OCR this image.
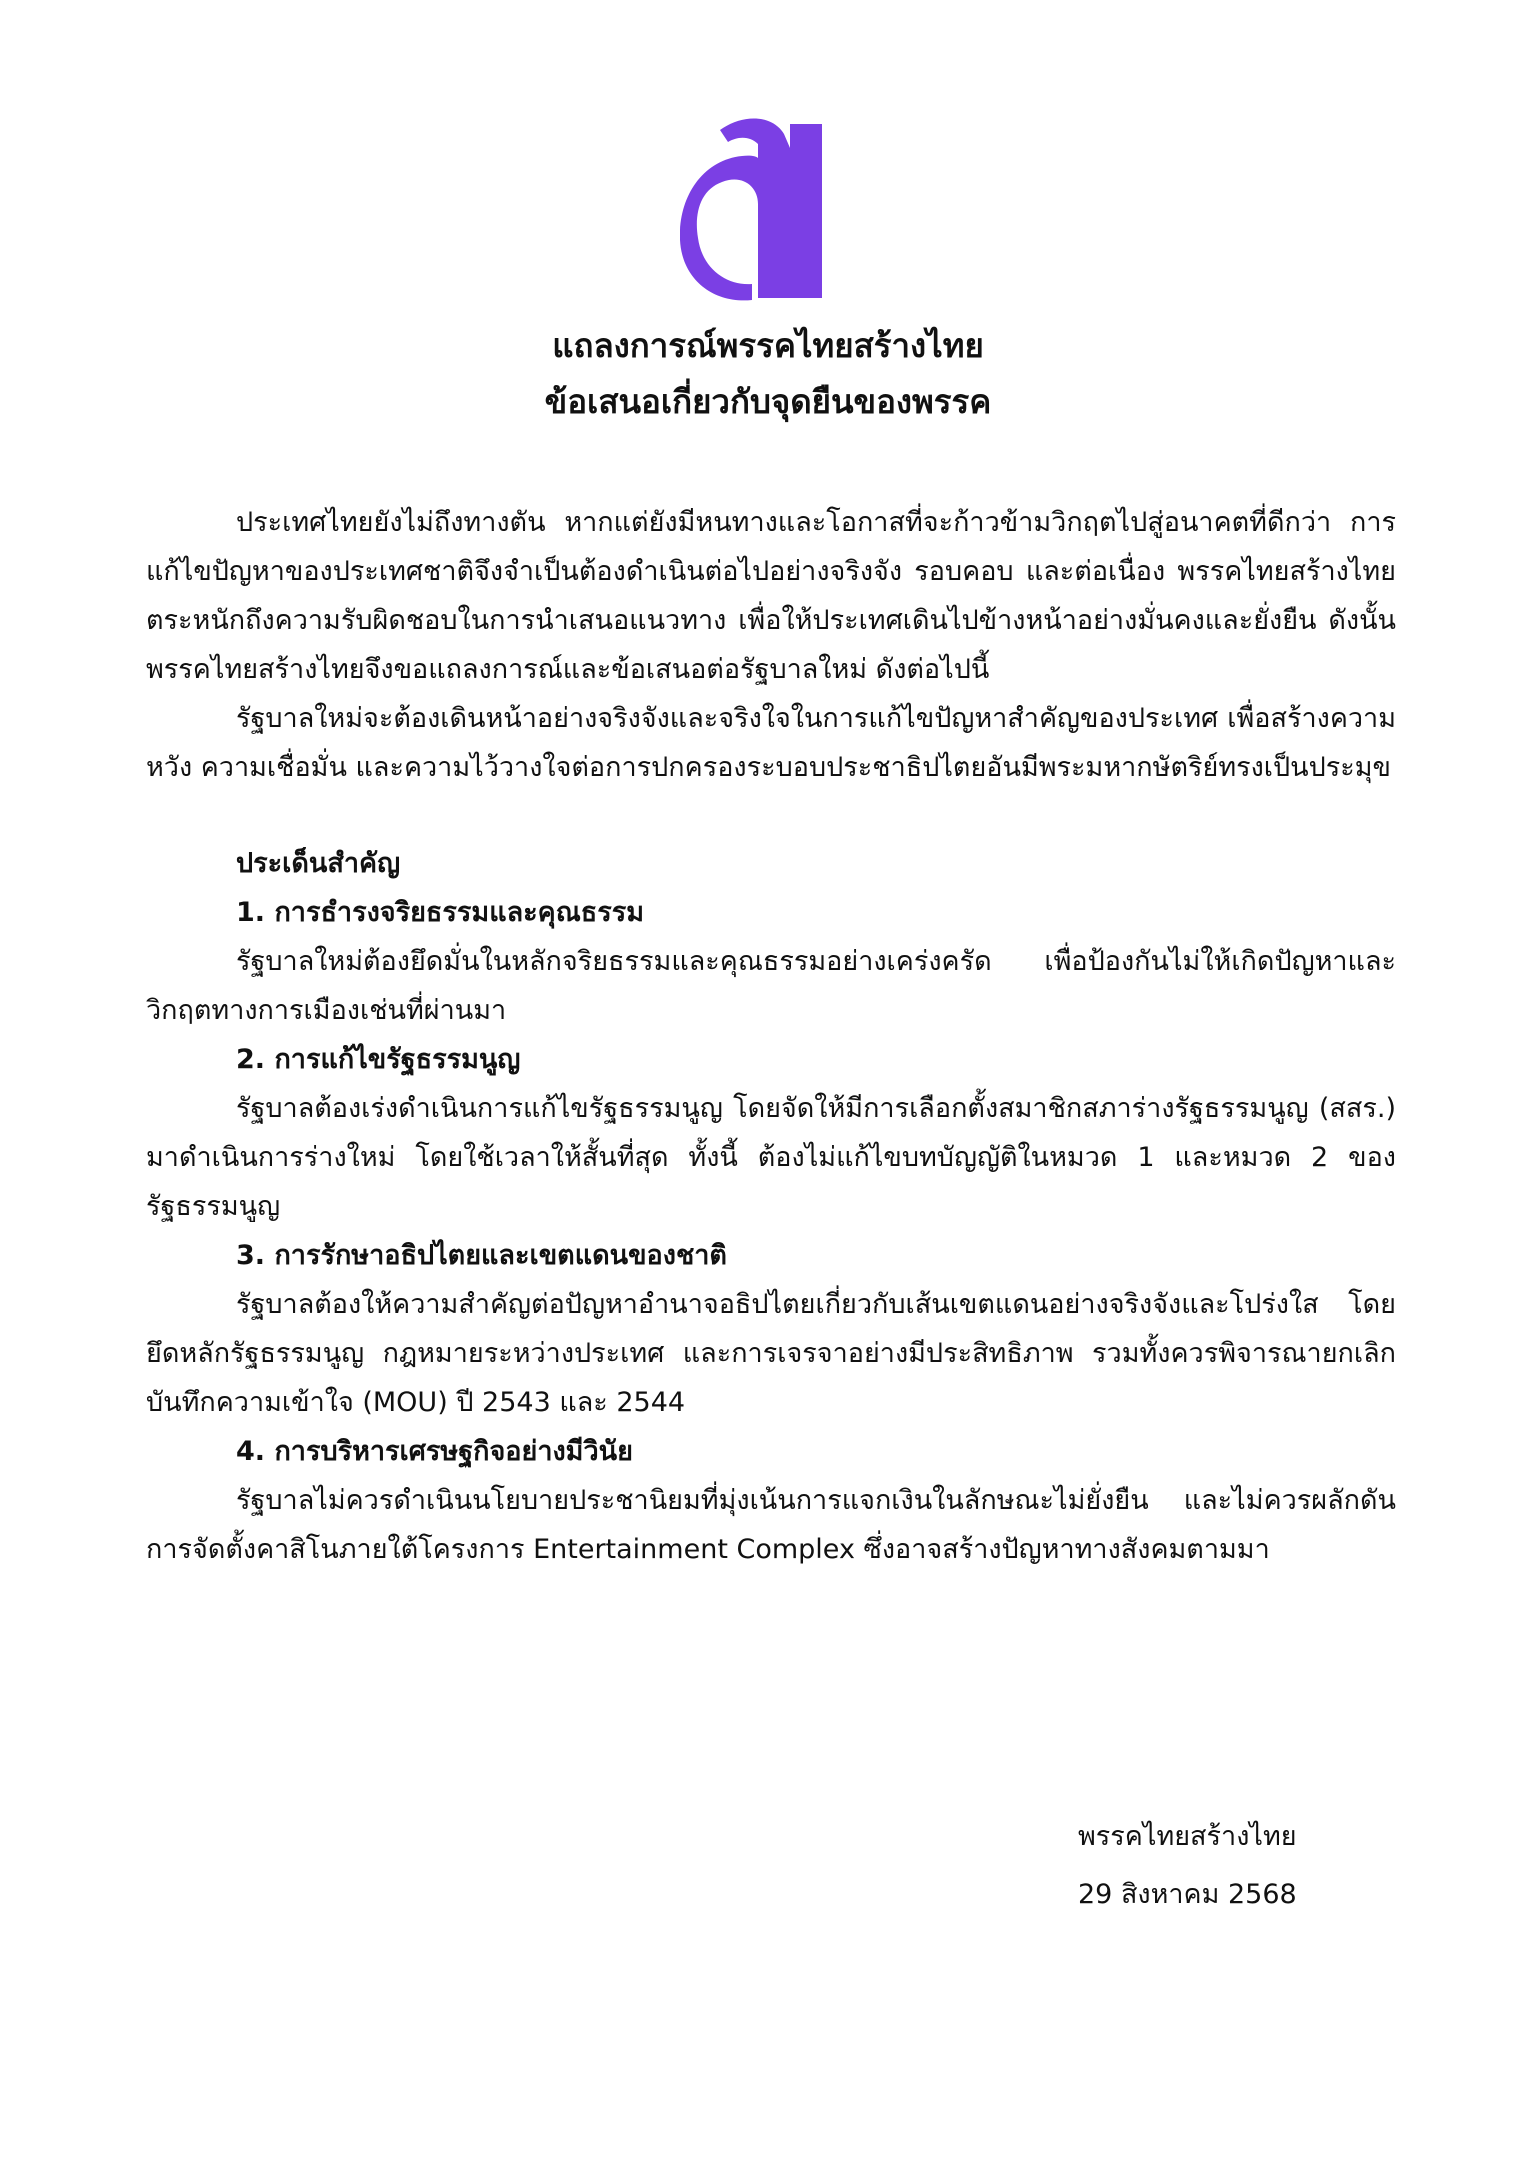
แถลงการณ์พรรคไทยสร้างไทย
ข้อเสนอเกี่ยวกับจุดยืนของพรรค

ประเทศไทยยังไม่ถึงทางตัน หากแต่ยังมีหนทางและโอกาสที่จะก้าวข้ามวิกฤตไปสู่อนาคตที่ดีกว่า การแก้ไขปัญหาของประเทศชาติจึงจำเป็นต้องดำเนินต่อไปอย่างจริงจัง รอบคอบ และต่อเนื่อง พรรคไทยสร้างไทยตระหนักถึงความรับผิดชอบในการนำเสนอแนวทาง เพื่อให้ประเทศเดินไปข้างหน้าอย่างมั่นคงและยั่งยืน ดังนั้น พรรคไทยสร้างไทยจึงขอแถลงการณ์และข้อเสนอต่อรัฐบาลใหม่ ดังต่อไปนี้

รัฐบาลใหม่จะต้องเดินหน้าอย่างจริงจังและจริงใจในการแก้ไขปัญหาสำคัญของประเทศ เพื่อสร้างความหวัง ความเชื่อมั่น และความไว้วางใจต่อการปกครองระบอบประชาธิปไตยอันมีพระมหากษัตริย์ทรงเป็นประมุข

ประเด็นสำคัญ

1. การธำรงจริยธรรมและคุณธรรม

รัฐบาลใหม่ต้องยึดมั่นในหลักจริยธรรมและคุณธรรมอย่างเคร่งครัด เพื่อป้องกันไม่ให้เกิดปัญหาและวิกฤตทางการเมืองเช่นที่ผ่านมา

2. การแก้ไขรัฐธรรมนูญ

รัฐบาลต้องเร่งดำเนินการแก้ไขรัฐธรรมนูญ โดยจัดให้มีการเลือกตั้งสมาชิกสภาร่างรัฐธรรมนูญ (สสร.) มาดำเนินการร่างใหม่ โดยใช้เวลาให้สั้นที่สุด ทั้งนี้ ต้องไม่แก้ไขบทบัญญัติในหมวด 1 และหมวด 2 ของรัฐธรรมนูญ

3. การรักษาอธิปไตยและเขตแดนของชาติ

รัฐบาลต้องให้ความสำคัญต่อปัญหาอำนาจอธิปไตยเกี่ยวกับเส้นเขตแดนอย่างจริงจังและโปร่งใส โดยยึดหลักรัฐธรรมนูญ กฎหมายระหว่างประเทศ และการเจรจาอย่างมีประสิทธิภาพ รวมทั้งควรพิจารณายกเลิกบันทึกความเข้าใจ (MOU) ปี 2543 และ 2544

4. การบริหารเศรษฐกิจอย่างมีวินัย

รัฐบาลไม่ควรดำเนินนโยบายประชานิยมที่มุ่งเน้นการแจกเงินในลักษณะไม่ยั่งยืน และไม่ควรผลักดันการจัดตั้งคาสิโนภายใต้โครงการ Entertainment Complex ซึ่งอาจสร้างปัญหาทางสังคมตามมา

พรรคไทยสร้างไทย
29 สิงหาคม 2568
